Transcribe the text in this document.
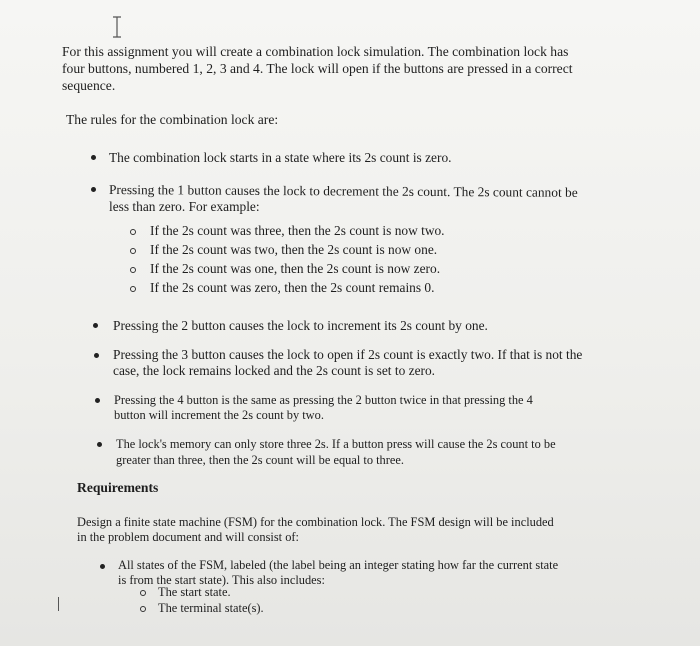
For this assignment you will create a combination lock simulation. The combination lock has
four buttons, numbered 1, 2, 3 and 4. The lock will open if the buttons are pressed in a correct
sequence.
The rules for the combination lock are:
The combination lock starts in a state where its 2s count is zero.
Pressing the 1 button causes the lock to decrement the 2s count. The 2s count cannot be
less than zero. For example:
If the 2s count was three, then the 2s count is now two.
If the 2s count was two, then the 2s count is now one.
If the 2s count was one, then the 2s count is now zero.
If the 2s count was zero, then the 2s count remains 0.
Pressing the 2 button causes the lock to increment its 2s count by one.
Pressing the 3 button causes the lock to open if 2s count is exactly two. If that is not the
case, the lock remains locked and the 2s count is set to zero.
Pressing the 4 button is the same as pressing the 2 button twice in that pressing the 4
button will increment the 2s count by two.
The lock's memory can only store three 2s. If a button press will cause the 2s count to be
greater than three, then the 2s count will be equal to three.
Requirements
Design a finite state machine (FSM) for the combination lock. The FSM design will be included
in the problem document and will consist of:
All states of the FSM, labeled (the label being an integer stating how far the current state
is from the start state). This also includes:
The start state.
The terminal state(s).
